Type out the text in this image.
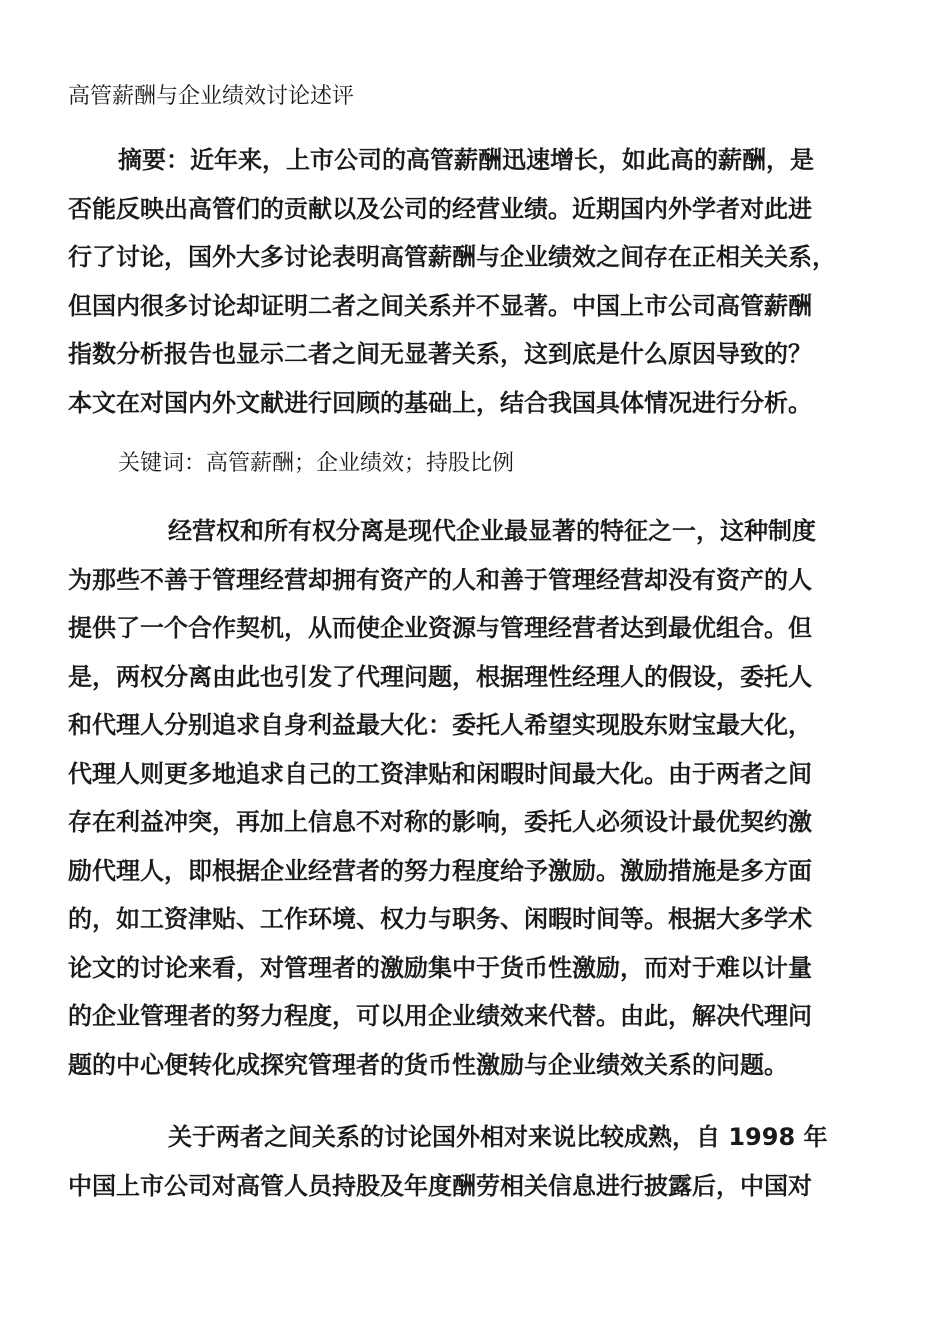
高管薪酬与企业绩效讨论述评

摘要：近年来，上市公司的高管薪酬迅速增长，如此高的薪酬，是

否能反映出高管们的贡献以及公司的经营业绩。近期国内外学者对此进

行了讨论，国外大多讨论表明高管薪酬与企业绩效之间存在正相关关系，

但国内很多讨论却证明二者之间关系并不显著。中国上市公司高管薪酬

指数分析报告也显示二者之间无显著关系，这到底是什么原因导致的？

本文在对国内外文献进行回顾的基础上，结合我国具体情况进行分析。

关键词：高管薪酬；企业绩效；持股比例

经营权和所有权分离是现代企业最显著的特征之一，这种制度

为那些不善于管理经营却拥有资产的人和善于管理经营却没有资产的人

提供了一个合作契机，从而使企业资源与管理经营者达到最优组合。但

是，两权分离由此也引发了代理问题，根据理性经理人的假设，委托人

和代理人分别追求自身利益最大化：委托人希望实现股东财宝最大化，

代理人则更多地追求自己的工资津贴和闲暇时间最大化。由于两者之间

存在利益冲突，再加上信息不对称的影响，委托人必须设计最优契约激

励代理人，即根据企业经营者的努力程度给予激励。激励措施是多方面

的，如工资津贴、工作环境、权力与职务、闲暇时间等。根据大多学术

论文的讨论来看，对管理者的激励集中于货币性激励，而对于难以计量

的企业管理者的努力程度，可以用企业绩效来代替。由此，解决代理问

题的中心便转化成探究管理者的货币性激励与企业绩效关系的问题。

关于两者之间关系的讨论国外相对来说比较成熟，自 1998 年

中国上市公司对高管人员持股及年度酬劳相关信息进行披露后，中国对
